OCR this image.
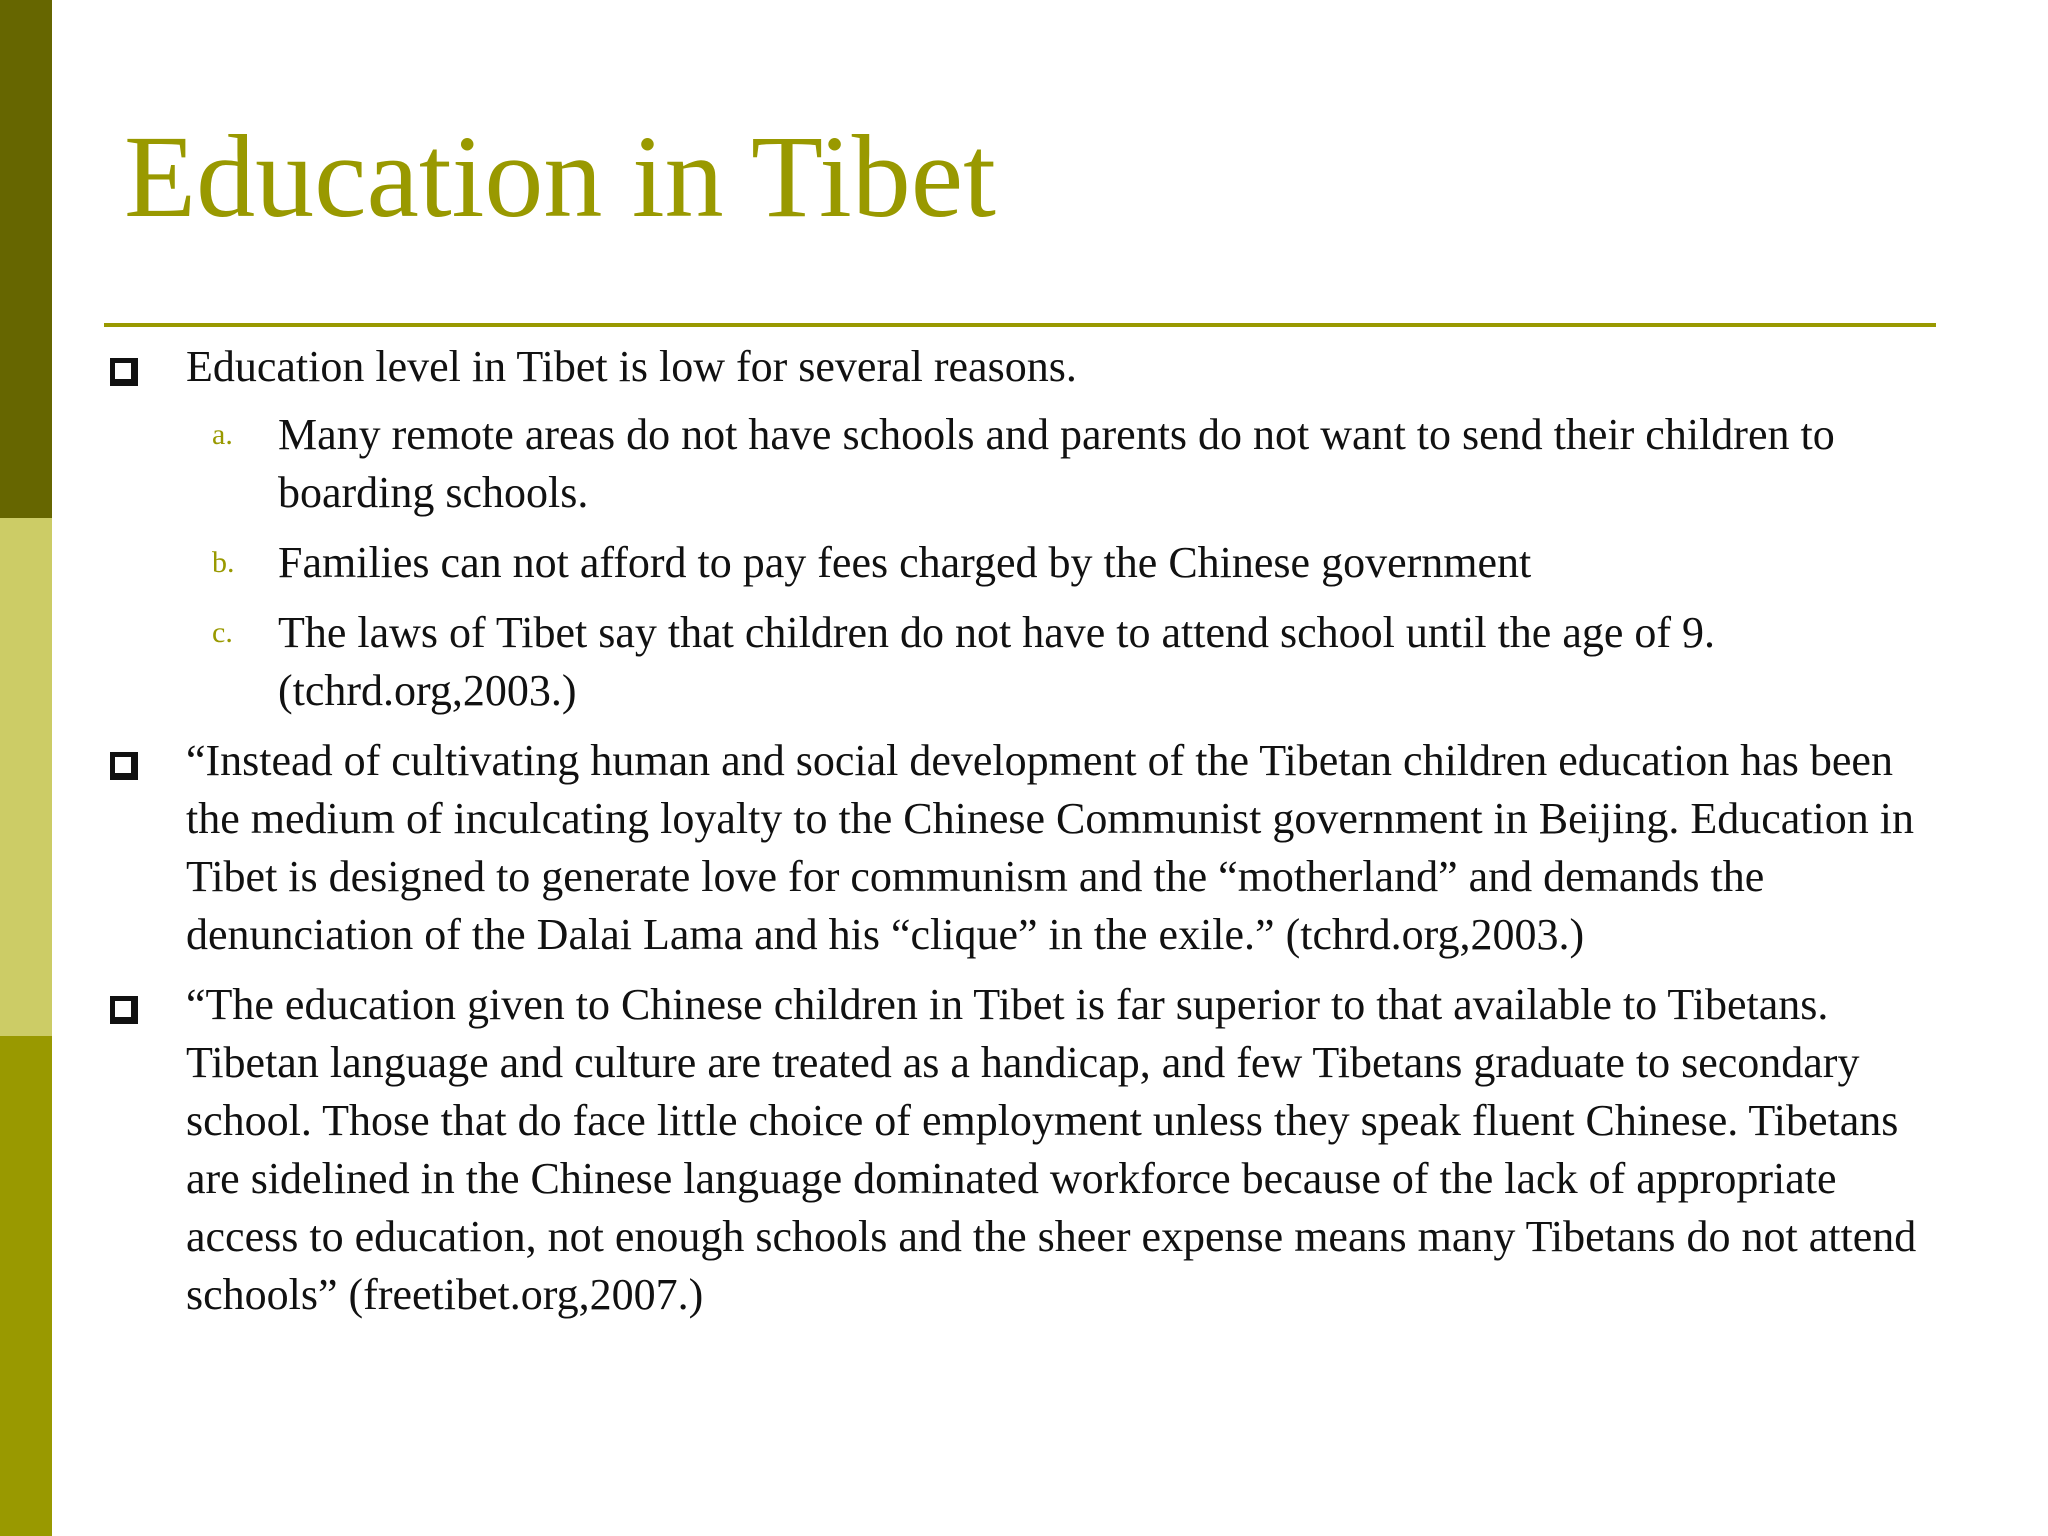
Education in Tibet
Education level in Tibet is low for several reasons.
a. Many remote areas do not have schools and parents do not want to send their children to boarding schools.
b. Families can not afford to pay fees charged by the Chinese government
c. The laws of Tibet say that children do not have to attend school until the age of 9. (tchrd.org,2003.)
“Instead of cultivating human and social development of the Tibetan children education has been the medium of inculcating loyalty to the Chinese Communist government in Beijing. Education in Tibet is designed to generate love for communism and the “motherland” and demands the denunciation of the Dalai Lama and his “clique” in the exile.” (tchrd.org,2003.)
“The education given to Chinese children in Tibet is far superior to that available to Tibetans. Tibetan language and culture are treated as a handicap, and few Tibetans graduate to secondary school. Those that do face little choice of employment unless they speak fluent Chinese. Tibetans are sidelined in the Chinese language dominated workforce because of the lack of appropriate access to education, not enough schools and the sheer expense means many Tibetans do not attend schools” (freetibet.org,2007.)
